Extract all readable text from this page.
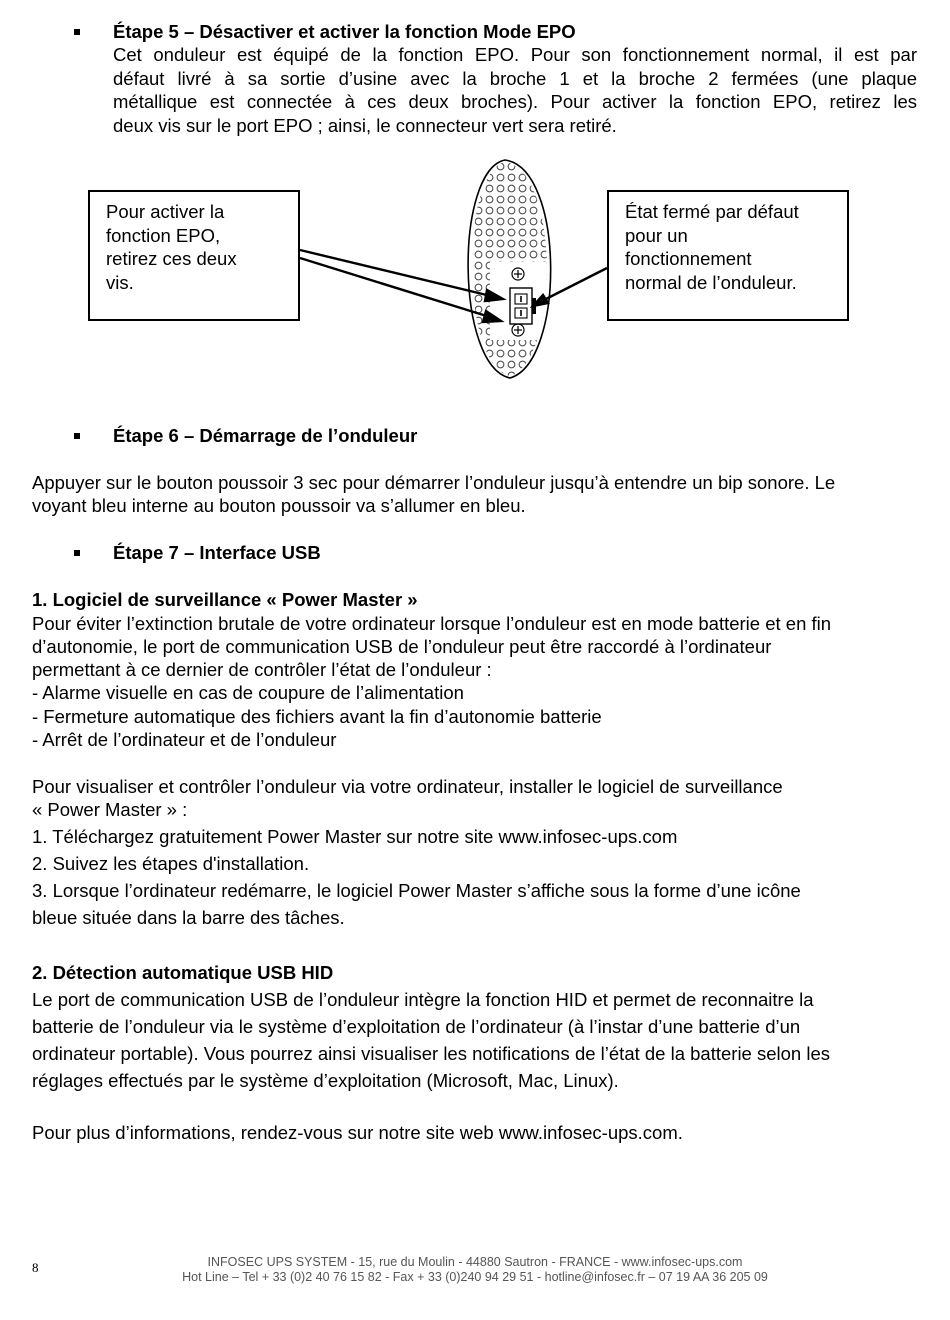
Étape 5 – Désactiver et activer la fonction Mode EPO
Cet onduleur est équipé de la fonction EPO. Pour son fonctionnement normal, il est par
défaut livré à sa sortie d’usine avec la broche 1 et la broche 2 fermées (une plaque
métallique est connectée à ces deux broches). Pour activer la fonction EPO, retirez les
deux vis sur le port EPO ; ainsi, le connecteur vert sera retiré.
Pour activer la
fonction EPO,
retirez ces deux
vis.
État fermé par défaut
pour un
fonctionnement
normal de l’onduleur.
Étape 6 – Démarrage de l’onduleur
Appuyer sur le bouton poussoir 3 sec pour démarrer l’onduleur jusqu’à entendre un bip sonore. Le
voyant bleu interne au bouton poussoir va s’allumer en bleu.
Étape 7 – Interface USB
1. Logiciel de surveillance « Power Master »
Pour éviter l’extinction brutale de votre ordinateur lorsque l’onduleur est en mode batterie et en fin
d’autonomie, le port de communication USB de l’onduleur peut être raccordé à l’ordinateur
permettant à ce dernier de contrôler l’état de l’onduleur :
- Alarme visuelle en cas de coupure de l’alimentation
- Fermeture automatique des fichiers avant la fin d’autonomie batterie
- Arrêt de l’ordinateur et de l’onduleur
Pour visualiser et contrôler l’onduleur via votre ordinateur, installer le logiciel de surveillance
« Power Master » :
1. Téléchargez gratuitement Power Master sur notre site www.infosec-ups.com
2. Suivez les étapes d'installation.
3. Lorsque l’ordinateur redémarre, le logiciel Power Master s’affiche sous la forme d’une icône
bleue située dans la barre des tâches.
2. Détection automatique USB HID
Le port de communication USB de l’onduleur intègre la fonction HID et permet de reconnaitre la
batterie de l’onduleur via le système d’exploitation de l’ordinateur (à l’instar d’une batterie d’un
ordinateur portable). Vous pourrez ainsi visualiser les notifications de l’état de la batterie selon les
réglages effectués par le système d’exploitation (Microsoft, Mac, Linux).
Pour plus d’informations, rendez-vous sur notre site web www.infosec-ups.com.
8	INFOSEC UPS SYSTEM - 15, rue du Moulin - 44880 Sautron - FRANCE - www.infosec-ups.com
Hot Line – Tel + 33 (0)2 40 76 15 82 - Fax + 33 (0)240 94 29 51 - hotline@infosec.fr – 07 19 AA 36 205 09
